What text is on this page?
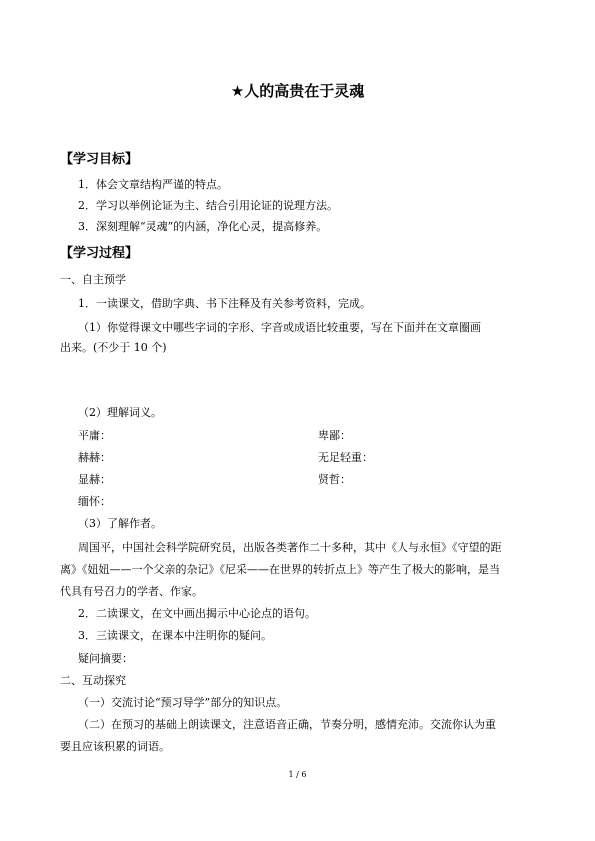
★人的高贵在于灵魂
【学习目标】
1．体会文章结构严谨的特点。
2．学习以举例论证为主、结合引用论证的说理方法。
3．深刻理解“灵魂”的内涵，净化心灵，提高修养。
【学习过程】
一、自主预学
1．一读课文，借助字典、书下注释及有关参考资料，完成。
（1）你觉得课文中哪些字词的字形、字音或成语比较重要，写在下面并在文章圈画
出来。(不少于 10 个)
（2）理解词义。
平庸：	卑鄙：
赫赫：	无足轻重：
显赫：	贤哲：
缅怀：
（3）了解作者。
周国平，中国社会科学院研究员，出版各类著作二十多种，其中《人与永恒》《守望的距
离》《妞妞——一个父亲的杂记》《尼采——在世界的转折点上》等产生了极大的影响，是当
代具有号召力的学者、作家。
2．二读课文，在文中画出揭示中心论点的语句。
3．三读课文，在课本中注明你的疑问。
疑问摘要：
二、互动探究
（一）交流讨论“预习导学”部分的知识点。
（二）在预习的基础上朗读课文，注意语音正确，节奏分明，感情充沛。交流你认为重
要且应该积累的词语。
1 / 6
